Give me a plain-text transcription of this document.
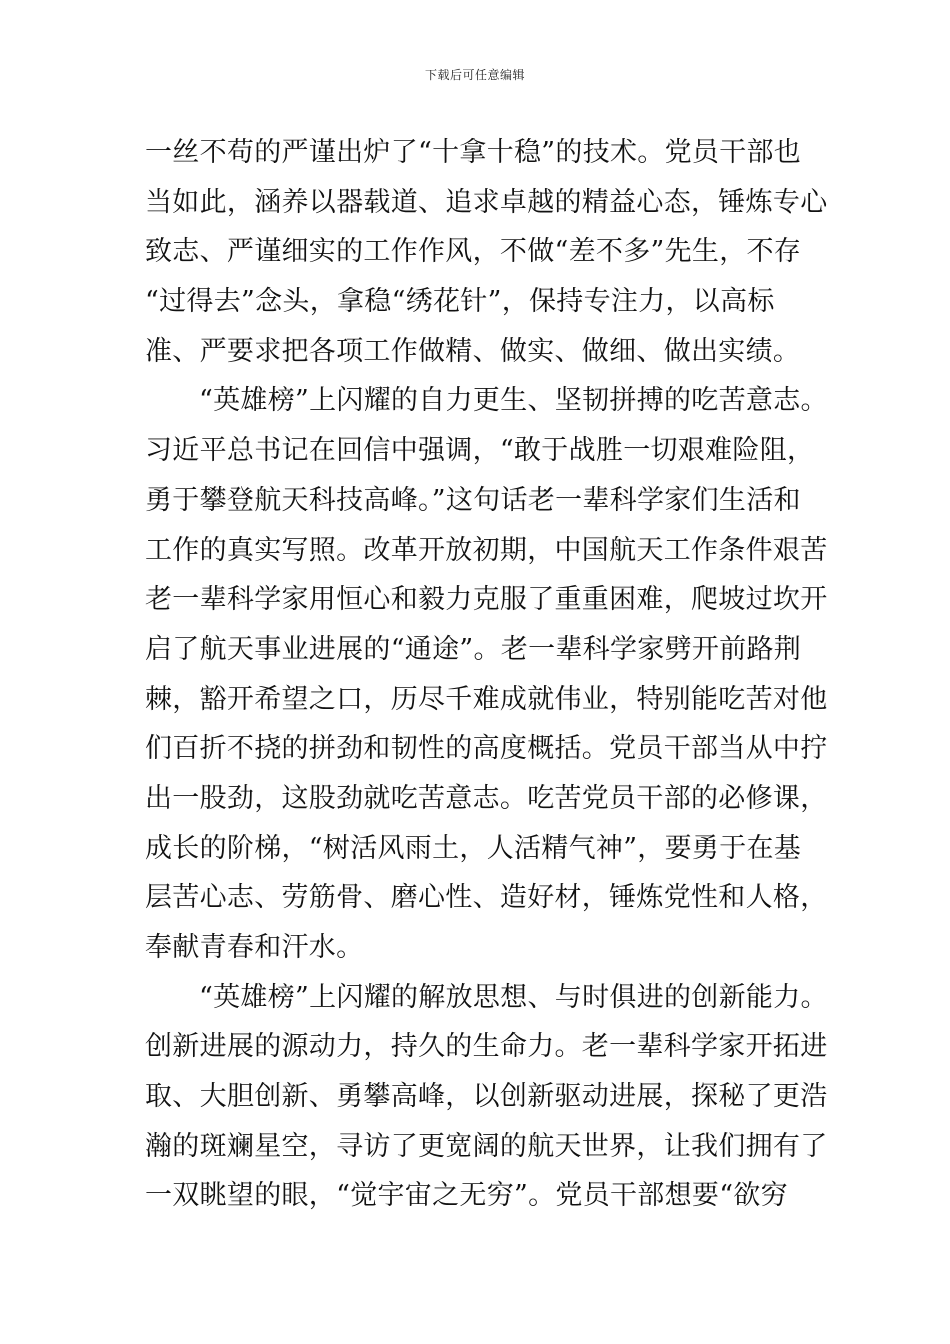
下载后可任意编辑
一丝不苟的严谨出炉了“十拿十稳”的技术。党员干部也
当如此，涵养以器载道、追求卓越的精益心态，锤炼专心
致志、严谨细实的工作作风，不做“差不多”先生，不存
“过得去”念头，拿稳“绣花针”，保持专注力，以高标
准、严要求把各项工作做精、做实、做细、做出实绩。
“英雄榜”上闪耀的自力更生、坚韧拼搏的吃苦意志。
习近平总书记在回信中强调，“敢于战胜一切艰难险阻，
勇于攀登航天科技高峰。”这句话老一辈科学家们生活和
工作的真实写照。改革开放初期，中国航天工作条件艰苦
老一辈科学家用恒心和毅力克服了重重困难，爬坡过坎开
启了航天事业进展的“通途”。老一辈科学家劈开前路荆
棘，豁开希望之口，历尽千难成就伟业，特别能吃苦对他
们百折不挠的拼劲和韧性的高度概括。党员干部当从中拧
出一股劲，这股劲就吃苦意志。吃苦党员干部的必修课，
成长的阶梯，“树活风雨土，人活精气神”，要勇于在基
层苦心志、劳筋骨、磨心性、造好材，锤炼党性和人格，
奉献青春和汗水。
“英雄榜”上闪耀的解放思想、与时俱进的创新能力。
创新进展的源动力，持久的生命力。老一辈科学家开拓进
取、大胆创新、勇攀高峰，以创新驱动进展，探秘了更浩
瀚的斑斓星空，寻访了更宽阔的航天世界，让我们拥有了
一双眺望的眼，“觉宇宙之无穷”。党员干部想要“欲穷
